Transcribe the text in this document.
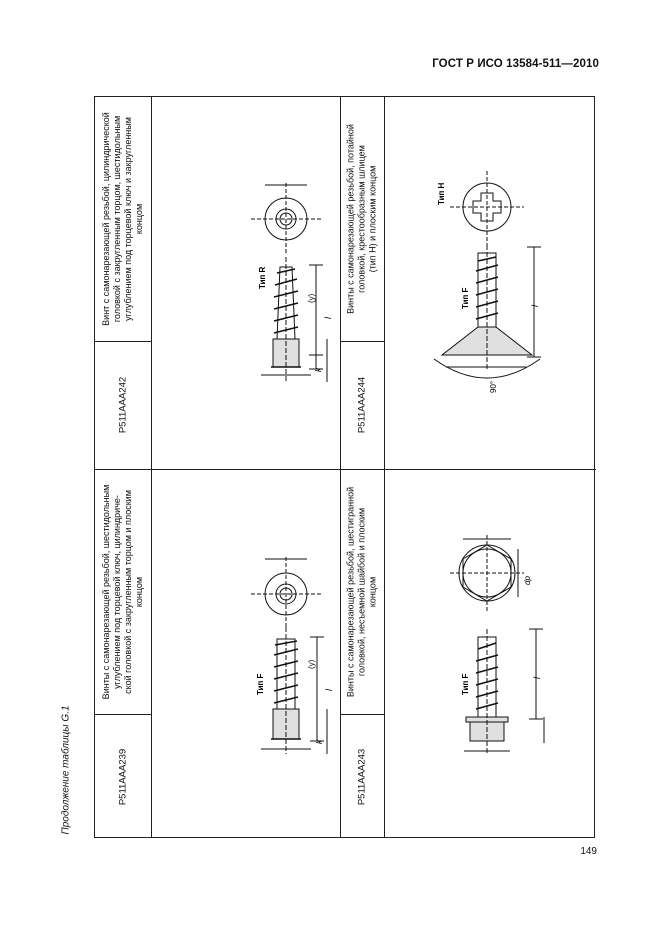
ГОСТ Р ИСО 13584-511—2010
Продолжение таблицы G.1
Винт с самонарезающей резьбой, цилиндрической головкой с закругленным торцом, шестидольным углублением под торцевой ключ и закругленным концом
P511AAA242
Винты с самонарезающей резьбой, шестидольным углублением под торцевой ключ, цилиндриче- ской головкой с закругленным торцом и плоским концом
P511AAA239
Винты с самонарезающей резьбой, потайной головкой, крестообразным шлицем (тип H) и плоским концом
P511AAA244
Винты с самонарезающей резьбой, шестигранной головкой, несъемной шайбой и плоским концом
P511AAA243
l
(y)
k
Тип R
l
(y)
k
Тип F
l
Тип F
Тип H
90°
l
dp
Тип F
149
